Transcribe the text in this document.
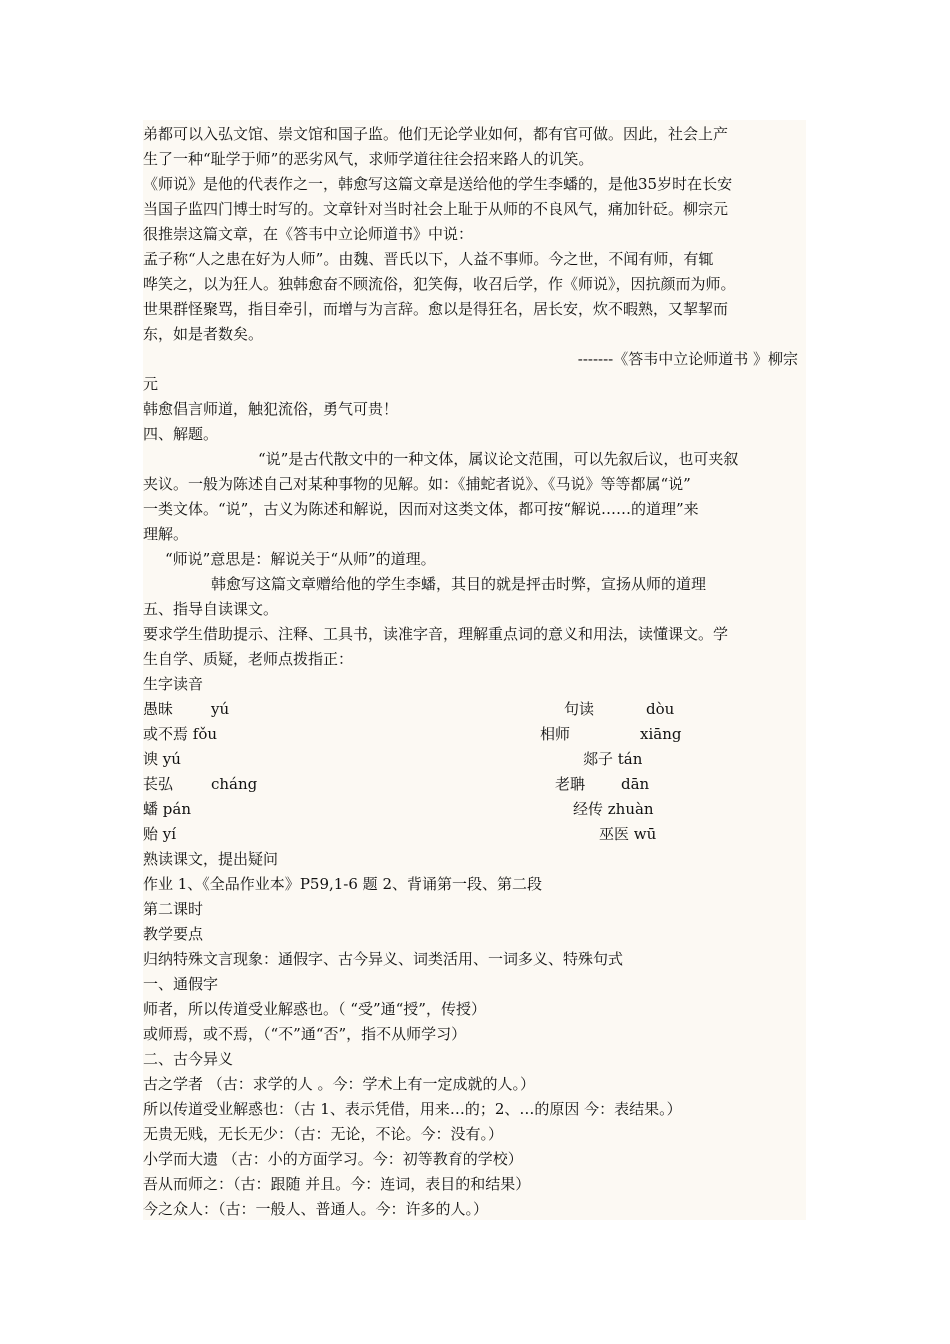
弟都可以入弘文馆、崇文馆和国子监。他们无论学业如何，都有官可做。因此，社会上产
生了一种“耻学于师”的恶劣风气，求师学道往往会招来路人的讥笑。
《师说》是他的代表作之一，韩愈写这篇文章是送给他的学生李蟠的，是他35岁时在长安
当国子监四门博士时写的。文章针对当时社会上耻于从师的不良风气，痛加针砭。柳宗元
很推崇这篇文章，在《答韦中立论师道书》中说：
孟子称“人之患在好为人师”。由魏、晋氏以下，人益不事师。今之世，不闻有师，有辄
哗笑之，以为狂人。独韩愈奋不顾流俗，犯笑侮，收召后学，作《师说》，因抗颜而为师。
世果群怪聚骂，指目牵引，而增与为言辞。愈以是得狂名，居长安，炊不暇熟，又挈挈而
东，如是者数矣。
-------《答韦中立论师道书 》柳宗
元
韩愈倡言师道，触犯流俗，勇气可贵！
四、解题。
“说”是古代散文中的一种文体，属议论文范围，可以先叙后议，也可夹叙
夹议。一般为陈述自己对某种事物的见解。如：《捕蛇者说》、《马说》等等都属“说”
一类文体。“说”，古义为陈述和解说，因而对这类文体，都可按“解说……的道理”来
理解。
“师说”意思是：解说关于“从师”的道理。
韩愈写这篇文章赠给他的学生李蟠，其目的就是抨击时弊，宣扬从师的道理
五、指导自读课文。
要求学生借助提示、注释、工具书，读准字音，理解重点词的意义和用法，读懂课文。学
生自学、质疑，老师点拨指正：
生字读音
愚昧	yú	句读	dòu
或不焉 fǒu	相师	xiāng
谀 yú	郯子 tán
苌弘	cháng	老聃 dān
蟠 pán	经传 zhuàn
贻 yí	巫医 wū
熟读课文，提出疑问
作业 1、《全品作业本》P59,1-6 题 2、背诵第一段、第二段
第二课时
教学要点
归纳特殊文言现象：通假字、古今异义、词类活用、一词多义、特殊句式
一、通假字
师者，所以传道受业解惑也。（ “受”通“授”，传授）
或师焉，或不焉，（“不”通“否”，指不从师学习）
二、古今异义
古之学者 （古：求学的人 。今：学术上有一定成就的人。）
所以传道受业解惑也：（古 1、表示凭借，用来…的；2、…的原因 今：表结果。）
无贵无贱，无长无少：（古：无论，不论。今：没有。）
小学而大遗 （古：小的方面学习。今：初等教育的学校）
吾从而师之：（古：跟随 并且。今：连词，表目的和结果）
今之众人：（古：一般人、普通人。今：许多的人。）
